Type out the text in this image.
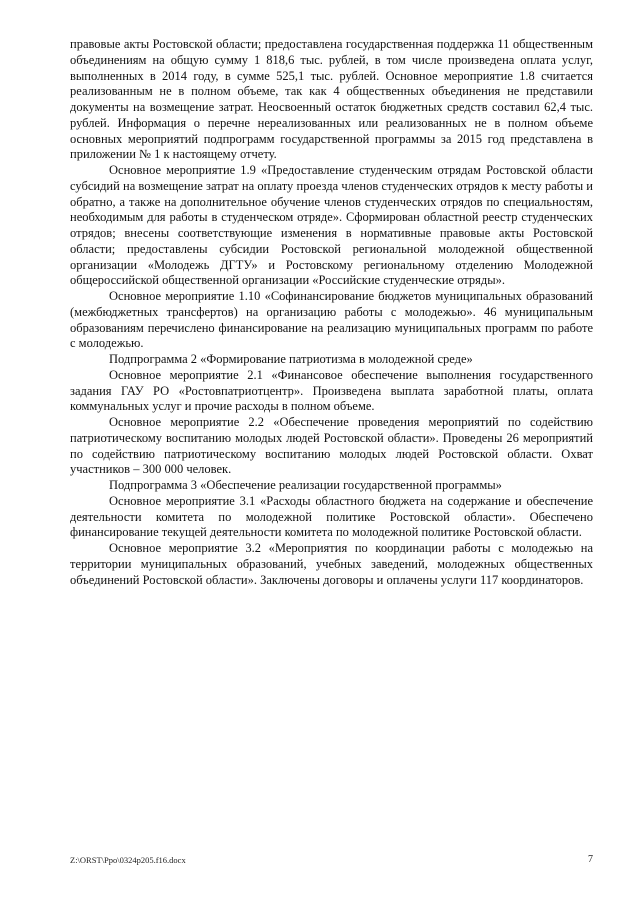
правовые акты Ростовской области; предоставлена государственная поддержка 11 общественным объединениям на общую сумму 1 818,6 тыс. рублей, в том числе произведена оплата услуг, выполненных в 2014 году, в сумме 525,1 тыс. рублей. Основное мероприятие 1.8 считается реализованным не в полном объеме, так как 4 общественных объединения не представили документы на возмещение затрат. Неосвоенный остаток бюджетных средств составил 62,4 тыс. рублей. Информация о перечне нереализованных или реализованных не в полном объеме основных мероприятий подпрограмм государственной программы за 2015 год представлена в приложении № 1 к настоящему отчету.

Основное мероприятие 1.9 «Предоставление студенческим отрядам Ростовской области субсидий на возмещение затрат на оплату проезда членов студенческих отрядов к месту работы и обратно, а также на дополнительное обучение членов студенческих отрядов по специальностям, необходимым для работы в студенческом отряде». Сформирован областной реестр студенческих отрядов; внесены соответствующие изменения в нормативные правовые акты Ростовской области; предоставлены субсидии Ростовской региональной молодежной общественной организации «Молодежь ДГТУ» и Ростовскому региональному отделению Молодежной общероссийской общественной организации «Российские студенческие отряды».

Основное мероприятие 1.10 «Софинансирование бюджетов муниципальных образований (межбюджетных трансфертов) на организацию работы с молодежью». 46 муниципальным образованиям перечислено финансирование на реализацию муниципальных программ по работе с молодежью.

Подпрограмма 2 «Формирование патриотизма в молодежной среде»

Основное мероприятие 2.1 «Финансовое обеспечение выполнения государственного задания ГАУ РО «Ростовпатриотцентр». Произведена выплата заработной платы, оплата коммунальных услуг и прочие расходы в полном объеме.

Основное мероприятие 2.2 «Обеспечение проведения мероприятий по содействию патриотическому воспитанию молодых людей Ростовской области». Проведены 26 мероприятий по содействию патриотическому воспитанию молодых людей Ростовской области. Охват участников – 300 000 человек.

Подпрограмма 3 «Обеспечение реализации государственной программы»

Основное мероприятие 3.1 «Расходы областного бюджета на содержание и обеспечение деятельности комитета по молодежной политике Ростовской области». Обеспечено финансирование текущей деятельности комитета по молодежной политике Ростовской области.

Основное мероприятие 3.2 «Мероприятия по координации работы с молодежью на территории муниципальных образований, учебных заведений, молодежных общественных объединений Ростовской области». Заключены договоры и оплачены услуги 117 координаторов.

Z:\ORST\Ppo\0324p205.f16.docx	7
